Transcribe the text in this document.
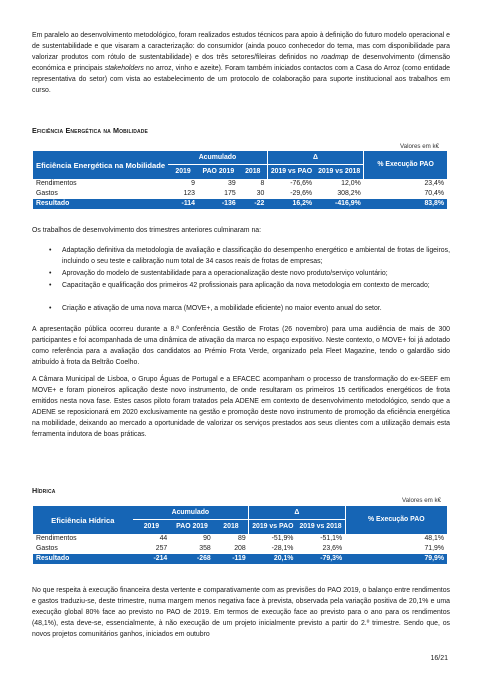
Em paralelo ao desenvolvimento metodológico, foram realizados estudos técnicos para apoio à definição do futuro modelo operacional e de sustentabilidade e que visaram a caracterização: do consumidor (ainda pouco conhecedor do tema, mas com disponibilidade para valorizar produtos com rótulo de sustentabilidade) e dos três setores/fileiras definidos no roadmap de desenvolvimento (dimensão económica e principais stakeholders no arroz, vinho e azeite). Foram também iniciados contactos com a Casa do Arroz (como entidade representativa do setor) com vista ao estabelecimento de um protocolo de colaboração para suporte institucional aos trabalhos em curso.

Eficiência Energética na Mobilidade

Valores em k€
Eficiência Energética na Mobilidade	Acumulado			Δ		% Execução PAO
	2019	PAO 2019	2018	2019 vs PAO	2019 vs 2018	
Rendimentos	9	39	8	-76,6%	12,0%	23,4%
Gastos	123	175	30	-29,6%	308,2%	70,4%
Resultado	-114	-136	-22	16,2%	-416,9%	83,8%

Os trabalhos de desenvolvimento dos trimestres anteriores culminaram na:

• Adaptação definitiva da metodologia de avaliação e classificação do desempenho energético e ambiental de frotas de ligeiros, incluindo o seu teste e calibração num total de 34 casos reais de frotas de empresas;

• Aprovação do modelo de sustentabilidade para a operacionalização deste novo produto/serviço voluntário;

• Capacitação e qualificação dos primeiros 42 profissionais para aplicação da nova metodologia em contexto de mercado;

• Criação e ativação de uma nova marca (MOVE+, a mobilidade eficiente) no maior evento anual do setor.

A apresentação pública ocorreu durante a 8.ª Conferência Gestão de Frotas (26 novembro) para uma audiência de mais de 300 participantes e foi acompanhada de uma dinâmica de ativação da marca no espaço expositivo. Neste contexto, o MOVE+ foi já adotado como referência para a avaliação dos candidatos ao Prémio Frota Verde, organizado pela Fleet Magazine, tendo o galardão sido atribuído à frota da Beltrão Coelho.

A Câmara Municipal de Lisboa, o Grupo Águas de Portugal e a EFACEC acompanham o processo de transformação do ex-SEEF em MOVE+ e foram pioneiros aplicação deste novo instrumento, de onde resultaram os primeiros 15 certificados energéticos de frota emitidos nesta nova fase. Estes casos piloto foram tratados pela ADENE em contexto de desenvolvimento metodológico, sendo que a ADENE se reposicionará em 2020 exclusivamente na gestão e promoção deste novo instrumento de promoção da eficiência energética na mobilidade, deixando ao mercado a oportunidade de valorizar os serviços prestados aos seus clientes com a utilização demais esta ferramenta indutora de boas práticas.

Hídrica

Valores em k€
Eficiência Hídrica	Acumulado			Δ		% Execução PAO
	2019	PAO 2019	2018	2019 vs PAO	2019 vs 2018	
Rendimentos	44	90	89	-51,9%	-51,1%	48,1%
Gastos	257	358	208	-28,1%	23,6%	71,9%
Resultado	-214	-268	-119	20,1%	-79,3%	79,9%

No que respeita à execução financeira desta vertente e comparativamente com as previsões do PAO 2019, o balanço entre rendimentos e gastos traduziu-se, deste trimestre, numa margem menos negativa face à prevista, observada pela variação positiva de 20,1% e uma execução global 80% face ao previsto no PAO de 2019. Em termos de execução face ao previsto para o ano para os rendimentos (48,1%), esta deve-se, essencialmente, à não execução de um projeto inicialmente previsto a partir do 2.º trimestre. Sendo que, os novos projetos comunitários ganhos, iniciados em outubro

16/21
